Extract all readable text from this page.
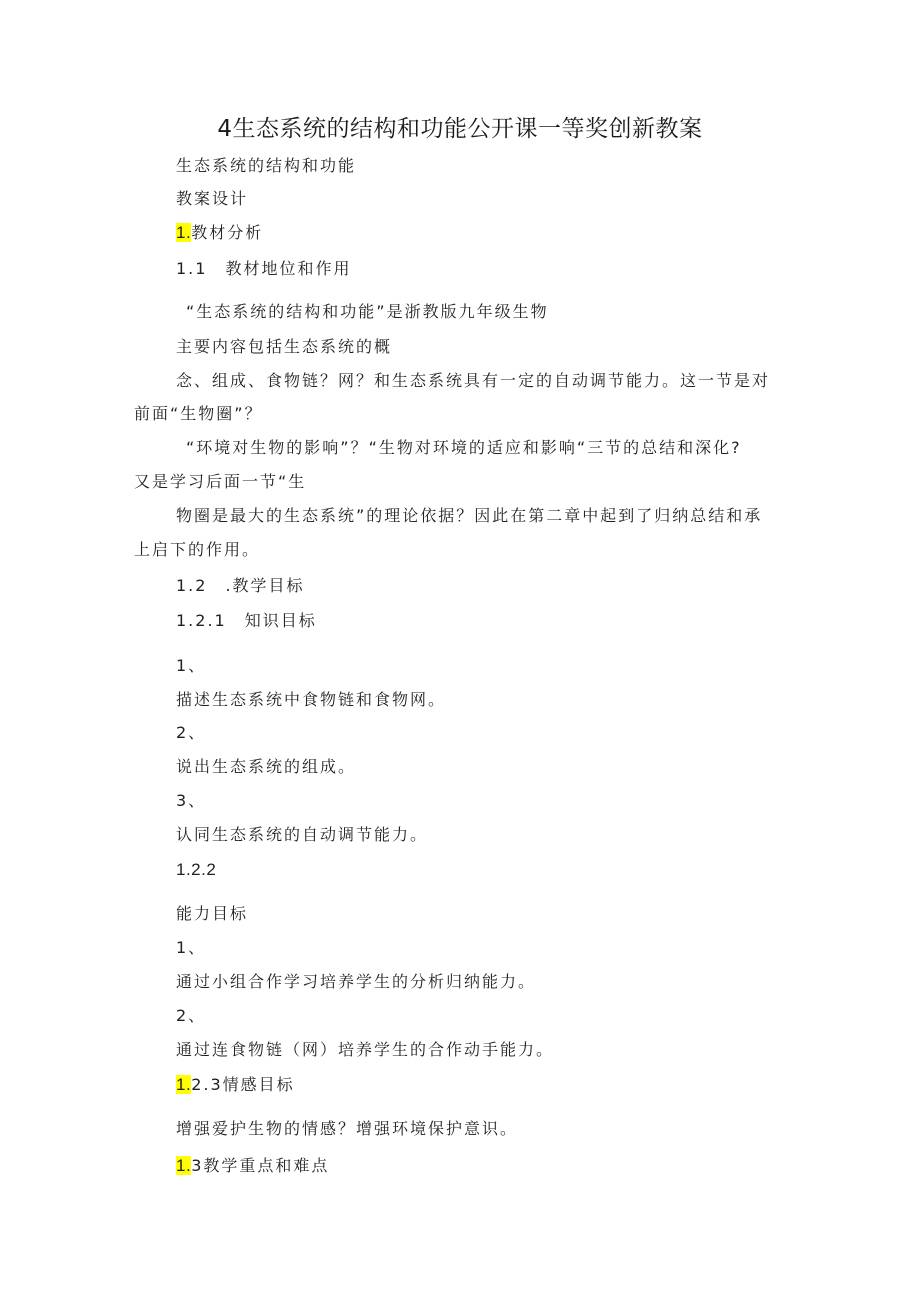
4生态系统的结构和功能公开课一等奖创新教案
生态系统的结构和功能
教案设计
1.教材分析
1.1　教材地位和作用
“生态系统的结构和功能”是浙教版九年级生物
主要内容包括生态系统的概
念、组成、食物链？网？和生态系统具有一定的自动调节能力。这一节是对
前面“生物圈”？
“环境对生物的影响”？“生物对环境的适应和影响“三节的总结和深化?
又是学习后面一节“生
物圈是最大的生态系统”的理论依据？因此在第二章中起到了归纳总结和承
上启下的作用。
1.2　.教学目标
1.2.1　知识目标
1、
描述生态系统中食物链和食物网。
2、
说出生态系统的组成。
3、
认同生态系统的自动调节能力。
1.2.2
能力目标
1、
通过小组合作学习培养学生的分析归纳能力。
2、
通过连食物链（网）培养学生的合作动手能力。
1.2.3情感目标
增强爱护生物的情感？增强环境保护意识。
1.3教学重点和难点
